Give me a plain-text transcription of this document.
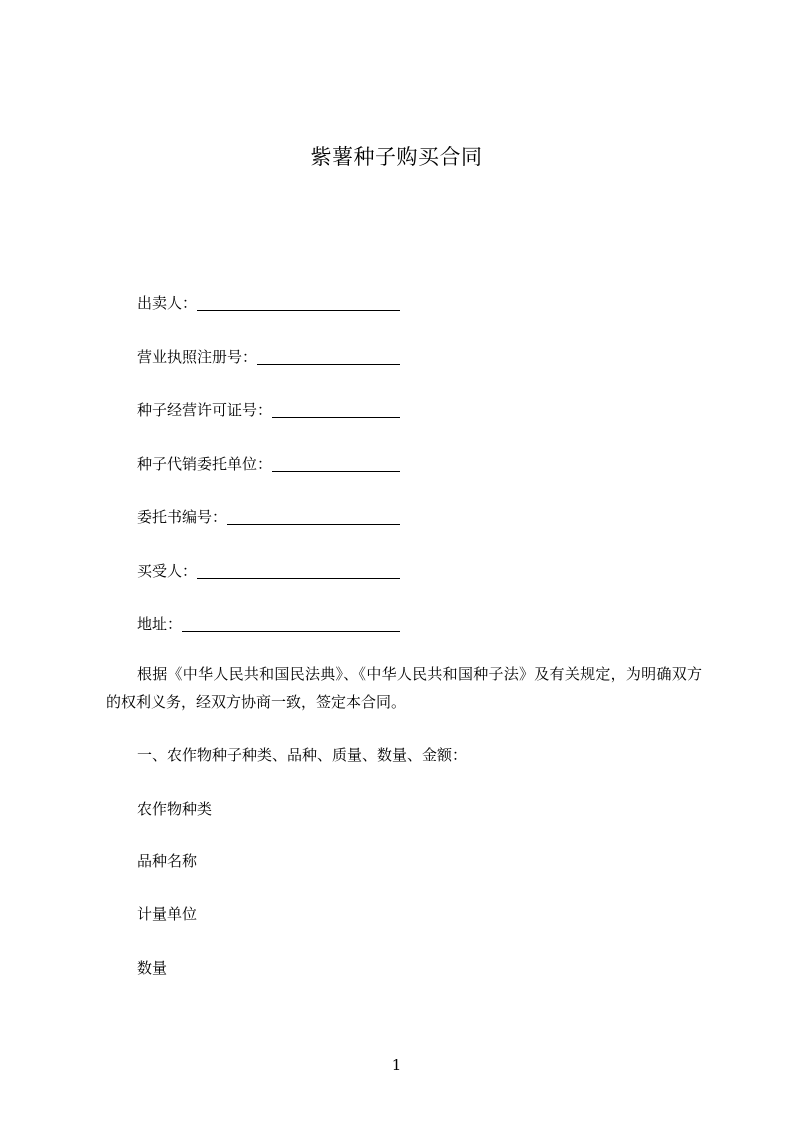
紫薯种子购买合同
出卖人：
营业执照注册号：
种子经营许可证号：
种子代销委托单位：
委托书编号：
买受人：
地址：
根据《中华人民共和国民法典》、《中华人民共和国种子法》及有关规定，为明确双方的权利义务，经双方协商一致，签定本合同。
一、农作物种子种类、品种、质量、数量、金额：
农作物种类
品种名称
计量单位
数量
1
